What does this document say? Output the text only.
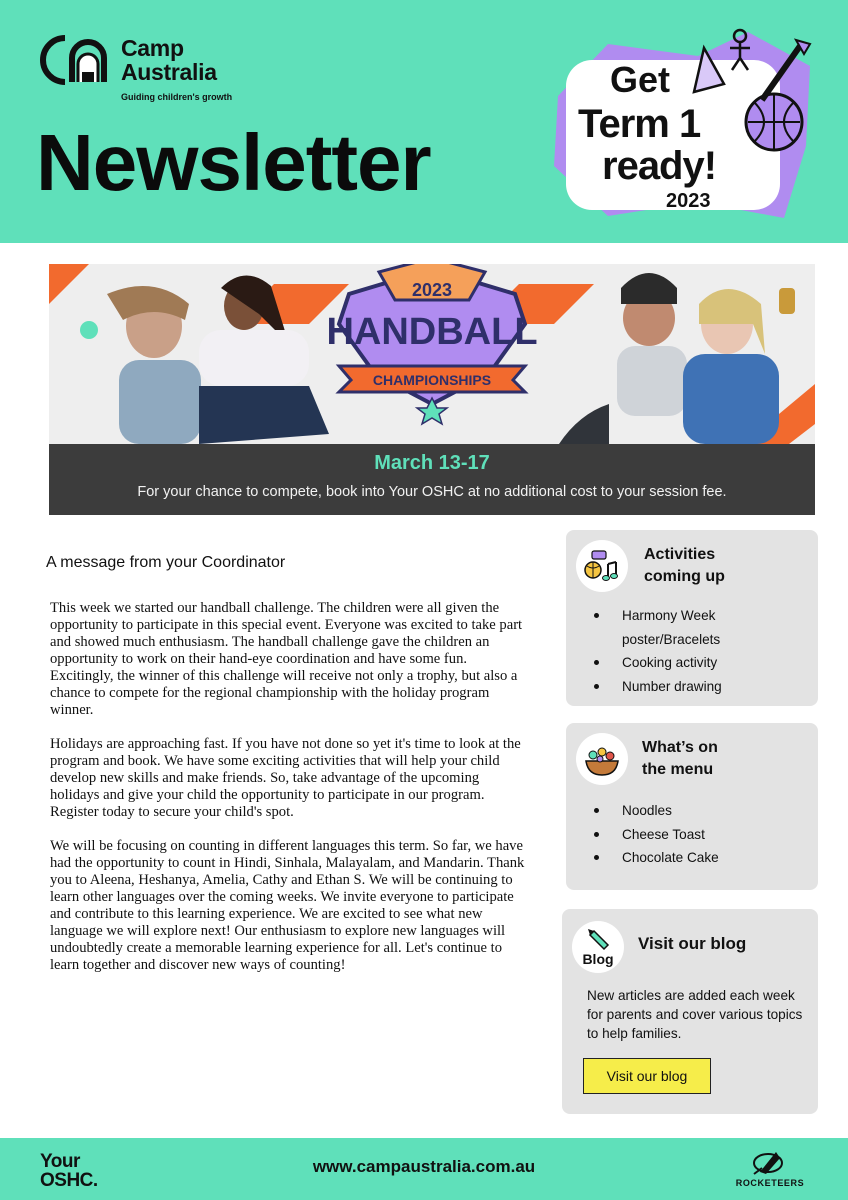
Camp
Australia
Guiding children's growth
Newsletter
Get
Term 1
ready!
2023
2023
HANDBALL
CHAMPIONSHIPS
March 13-17
For your chance to compete, book into Your OSHC at no additional cost to your session fee.
A message from your Coordinator

This week we started our handball challenge. The children were all given the opportunity to participate in this special event. Everyone was excited to take part and showed much enthusiasm. The handball challenge gave the children an opportunity to work on their hand-eye coordination and have some fun. Excitingly, the winner of this challenge will receive not only a trophy, but also a chance to compete for the regional championship with the holiday program winner.

Holidays are approaching fast. If you have not done so yet it's time to look at the program and book. We have some exciting activities that will help your child develop new skills and make friends. So, take advantage of the upcoming holidays and give your child the opportunity to participate in our program. Register today to secure your child's spot.

We will be focusing on counting in different languages this term. So far, we have had the opportunity to count in Hindi, Sinhala, Malayalam, and Mandarin. Thank you to Aleena, Heshanya, Amelia, Cathy and Ethan S. We will be continuing to learn other languages over the coming weeks. We invite everyone to participate and contribute to this learning experience. We are excited to see what new language we will explore next! Our enthusiasm to explore new languages will undoubtedly create a memorable learning experience for all. Let's continue to learn together and discover new ways of counting!

Activities
coming up
Harmony Week poster/Bracelets
Cooking activity
Number drawing
What’s on
the menu
Noodles
Cheese Toast
Chocolate Cake
Blog
Visit our blog
New articles are added each week for parents and cover various topics to help families.
Visit our blog
Your
OSHC.
www.campaustralia.com.au
ROCKETEERS
